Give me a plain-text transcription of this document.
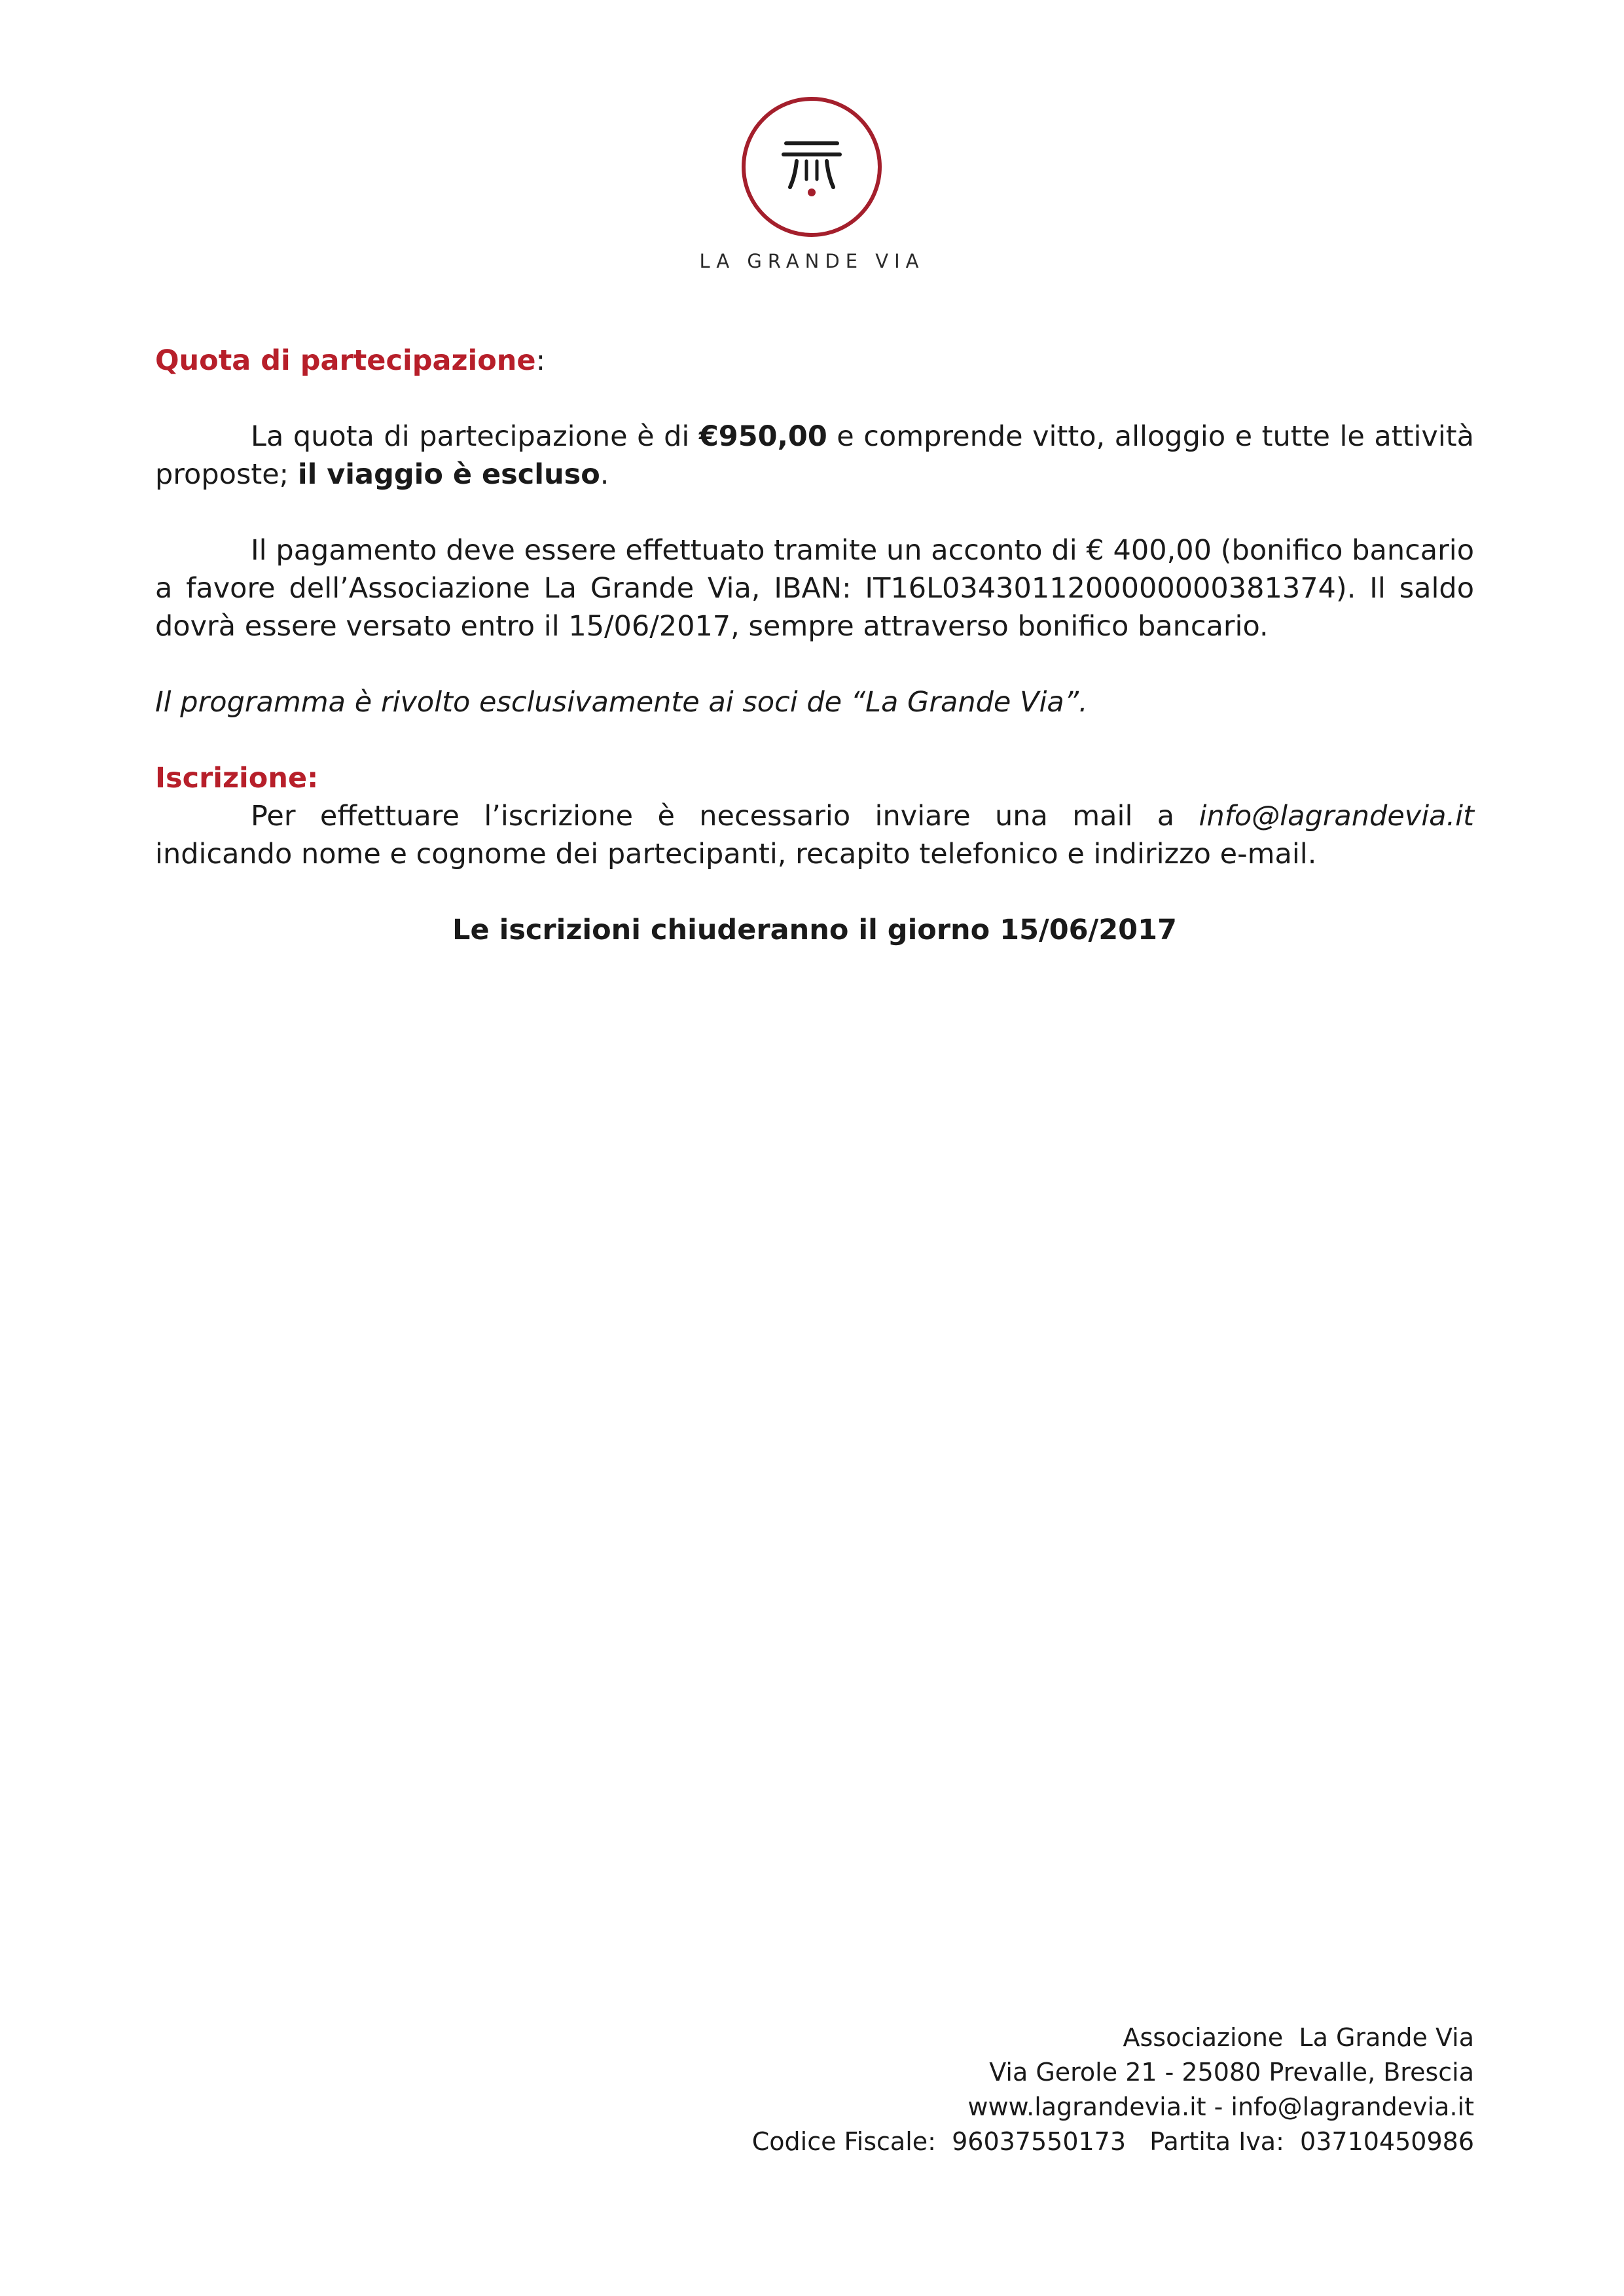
LA GRANDE VIA

Quota di partecipazione:

La quota di partecipazione è di €950,00 e comprende vitto, alloggio e tutte le attività proposte; il viaggio è escluso.

Il pagamento deve essere effettuato tramite un acconto di € 400,00 (bonifico bancario a favore dell’Associazione La Grande Via, IBAN: IT16L0343011200000000381374). Il saldo dovrà essere versato entro il 15/06/2017, sempre attraverso bonifico bancario.

Il programma è rivolto esclusivamente ai soci de “La Grande Via”.

Iscrizione:

Per effettuare l’iscrizione è necessario inviare una mail a info@lagrandevia.it indicando nome e cognome dei partecipanti, recapito telefonico e indirizzo e-mail.

Le iscrizioni chiuderanno il giorno 15/06/2017

Associazione  La Grande Via
Via Gerole 21 - 25080 Prevalle, Brescia
www.lagrandevia.it - info@lagrandevia.it
Codice Fiscale:  96037550173   Partita Iva:  03710450986
